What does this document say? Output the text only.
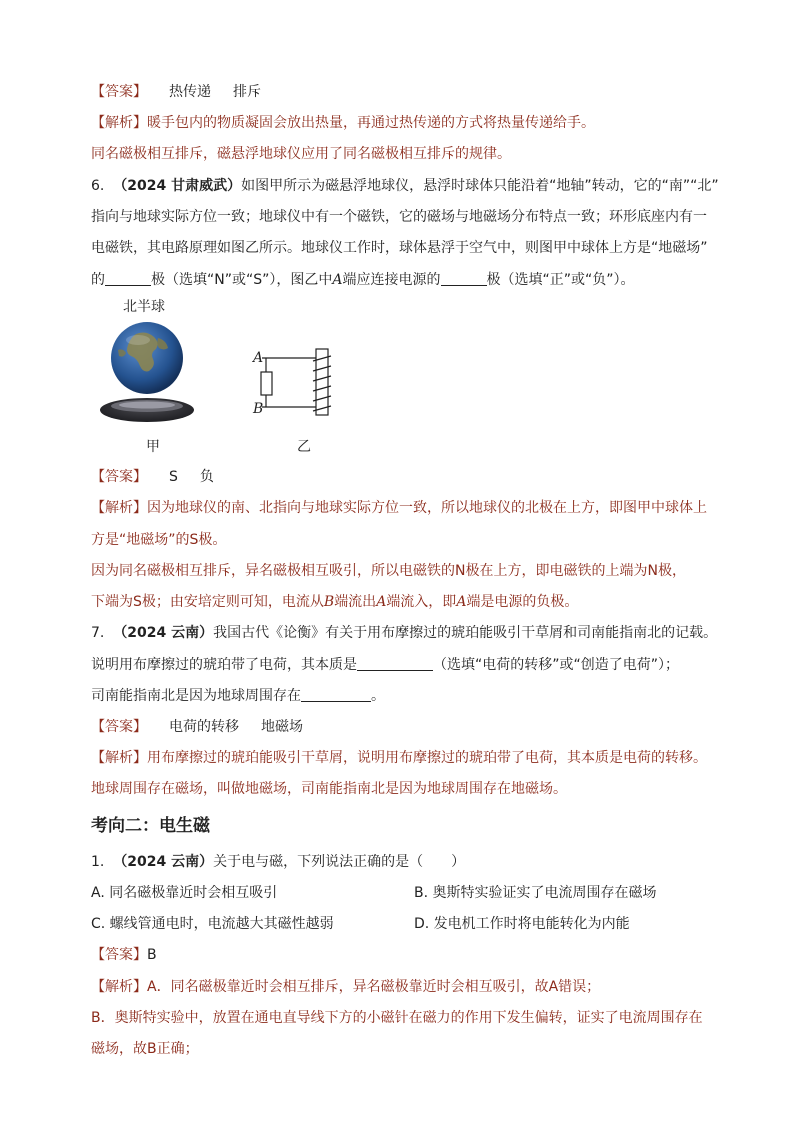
【答案】 热传递 排斥
【解析】暖手包内的物质凝固会放出热量，再通过热传递的方式将热量传递给手。
同名磁极相互排斥，磁悬浮地球仪应用了同名磁极相互排斥的规律。
6. （2024 甘肃威武）如图甲所示为磁悬浮地球仪，悬浮时球体只能沿着“地轴”转动，它的“南”“北”
指向与地球实际方位一致；地球仪中有一个磁铁，它的磁场与地磁场分布特点一致；环形底座内有一
电磁铁，其电路原理如图乙所示。地球仪工作时，球体悬浮于空气中，则图甲中球体上方是“地磁场”
的	极（选填“N”或“S”），图乙中A端应连接电源的	极（选填“正”或“负”）。
北半球
甲
A
B
乙
【答案】 S 负
【解析】因为地球仪的南、北指向与地球实际方位一致，所以地球仪的北极在上方，即图甲中球体上
方是“地磁场”的S极。
因为同名磁极相互排斥，异名磁极相互吸引，所以电磁铁的N极在上方，即电磁铁的上端为N极，
下端为S极；由安培定则可知，电流从B端流出A端流入，即A端是电源的负极。
7. （2024 云南）我国古代《论衡》有关于用布摩擦过的琥珀能吸引干草屑和司南能指南北的记载。
说明用布摩擦过的琥珀带了电荷，其本质是	（选填“电荷的转移”或“创造了电荷”）；
司南能指南北是因为地球周围存在	。
【答案】 电荷的转移 地磁场
【解析】用布摩擦过的琥珀能吸引干草屑，说明用布摩擦过的琥珀带了电荷，其本质是电荷的转移。
地球周围存在磁场，叫做地磁场，司南能指南北是因为地球周围存在地磁场。
考向二：电生磁
1. （2024 云南）关于电与磁，下列说法正确的是（　　）
A. 同名磁极靠近时会相互吸引	B. 奥斯特实验证实了电流周围存在磁场
C. 螺线管通电时，电流越大其磁性越弱	D. 发电机工作时将电能转化为内能
【答案】B
【解析】A．同名磁极靠近时会相互排斥，异名磁极靠近时会相互吸引，故A错误；
B．奥斯特实验中，放置在通电直导线下方的小磁针在磁力的作用下发生偏转，证实了电流周围存在
磁场，故B正确；
